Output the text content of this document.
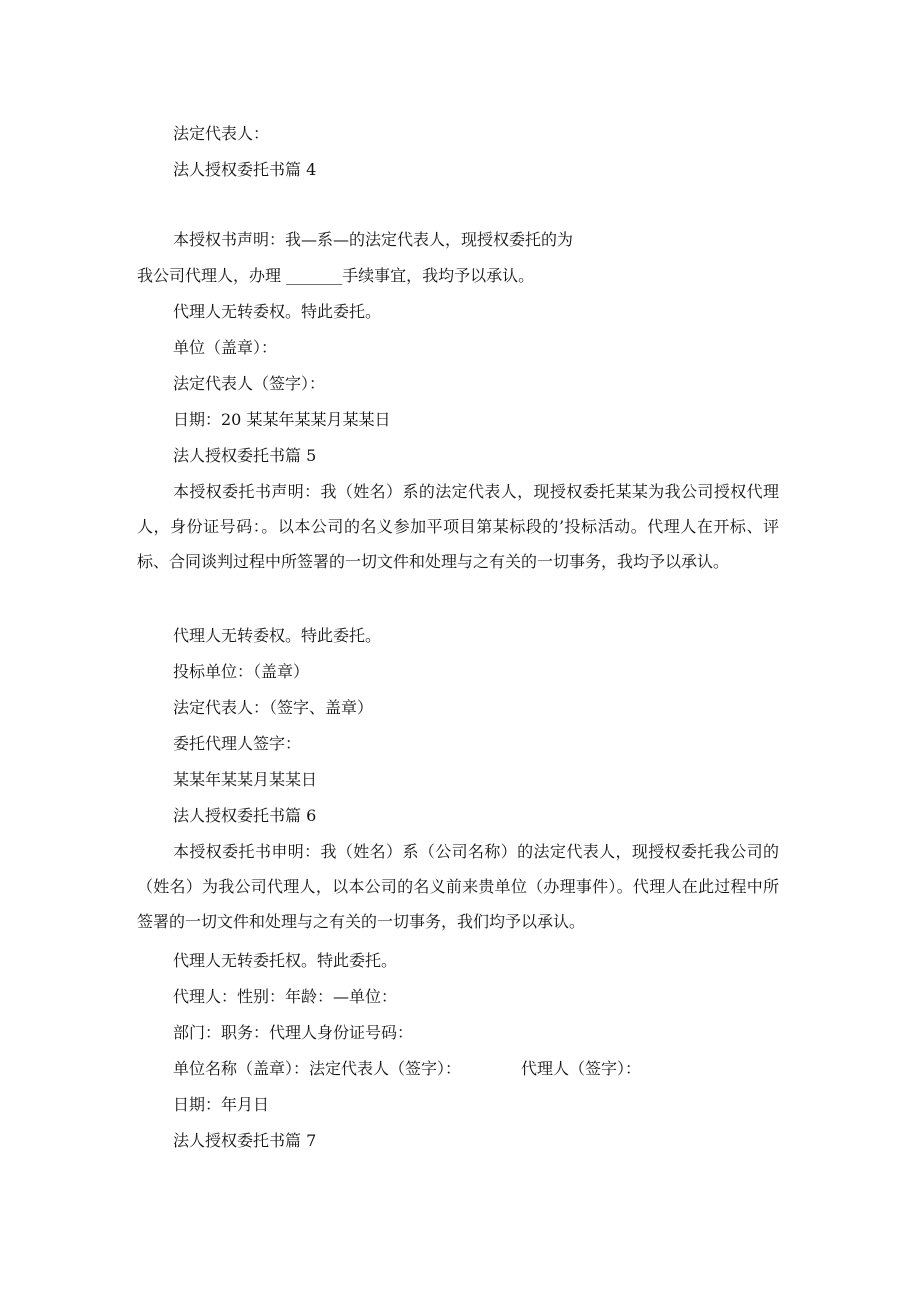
法定代表人：
法人授权委托书篇 4
本授权书声明：我—系—的法定代表人，现授权委托的为
我公司代理人，办理 _______手续事宜，我均予以承认。
代理人无转委权。特此委托。
单位（盖章）：
法定代表人（签字）：
日期：20 某某年某某月某某日
法人授权委托书篇 5
本授权委托书声明：我（姓名）系的法定代表人，现授权委托某某为我公司授权代理人，身份证号码：。以本公司的名义参加平项目第某标段的’投标活动。代理人在开标、评标、合同谈判过程中所签署的一切文件和处理与之有关的一切事务，我均予以承认。
代理人无转委权。特此委托。
投标单位：（盖章）
法定代表人：（签字、盖章）
委托代理人签字：
某某年某某月某某日
法人授权委托书篇 6
本授权委托书申明：我（姓名）系（公司名称）的法定代表人，现授权委托我公司的（姓名）为我公司代理人，以本公司的名义前来贵单位（办理事件）。代理人在此过程中所签署的一切文件和处理与之有关的一切事务，我们均予以承认。
代理人无转委托权。特此委托。
代理人：性别：年龄：—单位：
部门：职务：代理人身份证号码：
单位名称（盖章）：法定代表人（签字）：	代理人（签字）：
日期：年月日
法人授权委托书篇 7
